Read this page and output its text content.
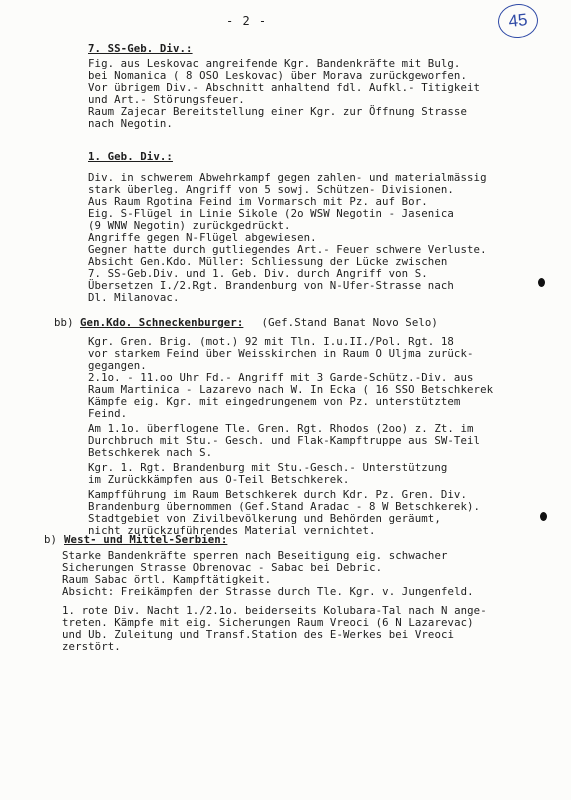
- 2 -	45
7. SS-Geb. Div.:
Fig. aus Leskovac angreifende Kgr. Bandenkräfte mit Bulg.
bei Nomanica ( 8 OSO Leskovac) über Morava zurückgeworfen.
Vor übrigem Div.- Abschnitt anhaltend fdl. Aufkl.- Titigkeit
und Art.- Störungsfeuer.
Raum Zajecar Bereitstellung einer Kgr. zur Öffnung Strasse
nach Negotin.
1. Geb. Div.:
Div. in schwerem Abwehrkampf gegen zahlen- und materialmässig
stark überleg. Angriff von 5 sowj. Schützen- Divisionen.
Aus Raum Rgotina Feind im Vormarsch mit Pz. auf Bor.
Eig. S-Flügel in Linie Sikole (2o WSW Negotin - Jasenica
(9 WNW Negotin) zurückgedrückt.
Angriffe gegen N-Flügel abgewiesen.
Gegner hatte durch gutliegendes Art.- Feuer schwere Verluste.
Absicht Gen.Kdo. Müller: Schliessung der Lücke zwischen
7. SS-Geb.Div. und 1. Geb. Div. durch Angriff von S.
Übersetzen I./2.Rgt. Brandenburg von N-Ufer-Strasse nach
Dl. Milanovac.
bb) Gen.Kdo. Schneckenburger: (Gef.Stand Banat Novo Selo)
Kgr. Gren. Brig. (mot.) 92 mit Tln. I.u.II./Pol. Rgt. 18
vor starkem Feind über Weisskirchen in Raum O Uljma zurück-
gegangen.
2.1o. - 11.oo Uhr Fd.- Angriff mit 3 Garde-Schütz.-Div. aus
Raum Martinica - Lazarevo nach W. In Ecka ( 16 SSO Betschkerek
Kämpfe eig. Kgr. mit eingedrungenem von Pz. unterstütztem
Feind.
Am 1.1o. überflogene Tle. Gren. Rgt. Rhodos (2oo) z. Zt. im
Durchbruch mit Stu.- Gesch. und Flak-Kampftruppe aus SW-Teil
Betschkerek nach S.
Kgr. 1. Rgt. Brandenburg mit Stu.-Gesch.- Unterstützung
im Zurückkämpfen aus O-Teil Betschkerek.
Kampfführung im Raum Betschkerek durch Kdr. Pz. Gren. Div.
Brandenburg übernommen (Gef.Stand Aradac - 8 W Betschkerek).
Stadtgebiet von Zivilbevölkerung und Behörden geräumt,
nicht zurückzuführendes Material vernichtet.
b) West- und Mittel-Serbien:
Starke Bandenkräfte sperren nach Beseitigung eig. schwacher
Sicherungen Strasse Obrenovac - Sabac bei Debric.
Raum Sabac örtl. Kampftätigkeit.
Absicht: Freikämpfen der Strasse durch Tle. Kgr. v. Jungenfeld.
1. rote Div. Nacht 1./2.1o. beiderseits Kolubara-Tal nach N ange-
treten. Kämpfe mit eig. Sicherungen Raum Vreoci (6 N Lazarevac)
und Ub. Zuleitung und Transf.Station des E-Werkes bei Vreoci
zerstört.
